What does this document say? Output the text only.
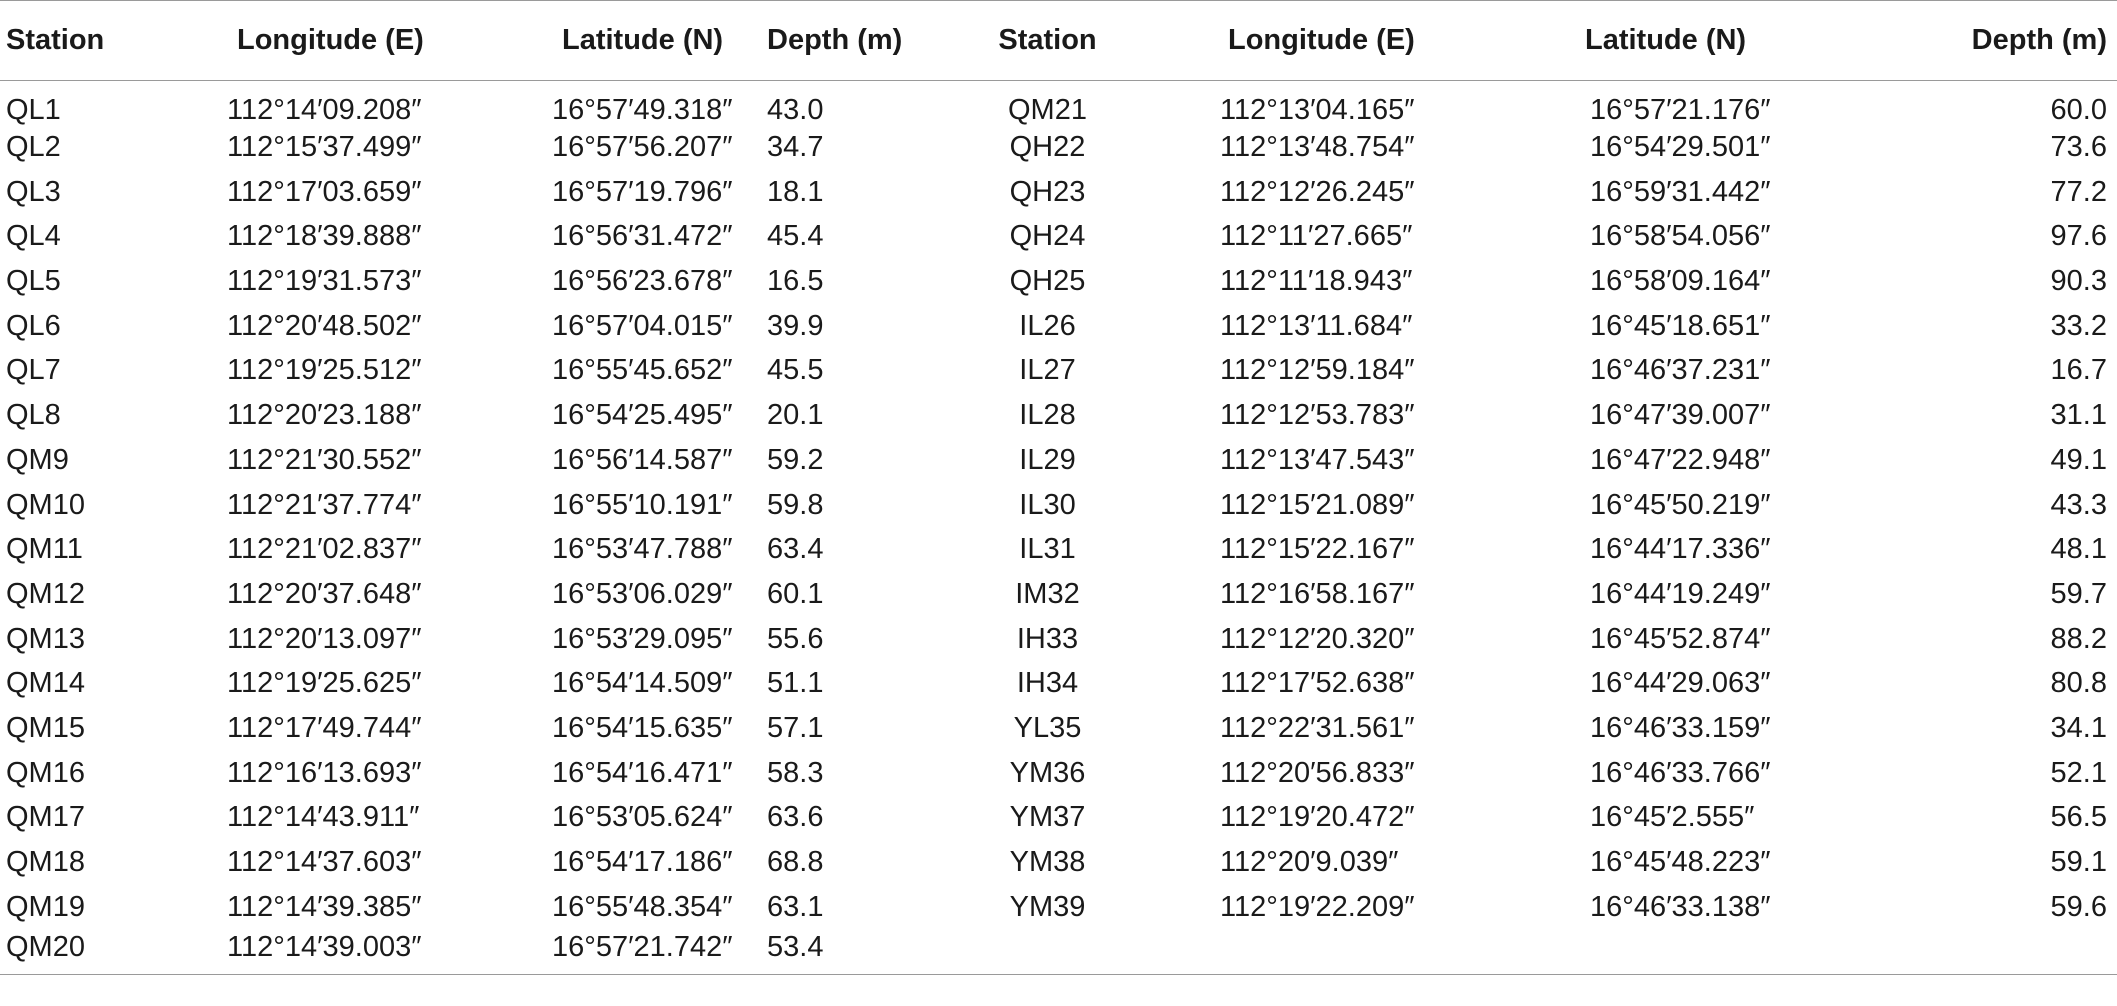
Station	Longitude (E)	Latitude (N)	Depth (m)	Station	Longitude (E)	Latitude (N)	Depth (m)
QL1	112°14′09.208″	16°57′49.318″	43.0	QM21	112°13′04.165″	16°57′21.176″	60.0
QL2	112°15′37.499″	16°57′56.207″	34.7	QH22	112°13′48.754″	16°54′29.501″	73.6
QL3	112°17′03.659″	16°57′19.796″	18.1	QH23	112°12′26.245″	16°59′31.442″	77.2
QL4	112°18′39.888″	16°56′31.472″	45.4	QH24	112°11′27.665″	16°58′54.056″	97.6
QL5	112°19′31.573″	16°56′23.678″	16.5	QH25	112°11′18.943″	16°58′09.164″	90.3
QL6	112°20′48.502″	16°57′04.015″	39.9	IL26	112°13′11.684″	16°45′18.651″	33.2
QL7	112°19′25.512″	16°55′45.652″	45.5	IL27	112°12′59.184″	16°46′37.231″	16.7
QL8	112°20′23.188″	16°54′25.495″	20.1	IL28	112°12′53.783″	16°47′39.007″	31.1
QM9	112°21′30.552″	16°56′14.587″	59.2	IL29	112°13′47.543″	16°47′22.948″	49.1
QM10	112°21′37.774″	16°55′10.191″	59.8	IL30	112°15′21.089″	16°45′50.219″	43.3
QM11	112°21′02.837″	16°53′47.788″	63.4	IL31	112°15′22.167″	16°44′17.336″	48.1
QM12	112°20′37.648″	16°53′06.029″	60.1	IM32	112°16′58.167″	16°44′19.249″	59.7
QM13	112°20′13.097″	16°53′29.095″	55.6	IH33	112°12′20.320″	16°45′52.874″	88.2
QM14	112°19′25.625″	16°54′14.509″	51.1	IH34	112°17′52.638″	16°44′29.063″	80.8
QM15	112°17′49.744″	16°54′15.635″	57.1	YL35	112°22′31.561″	16°46′33.159″	34.1
QM16	112°16′13.693″	16°54′16.471″	58.3	YM36	112°20′56.833″	16°46′33.766″	52.1
QM17	112°14′43.911″	16°53′05.624″	63.6	YM37	112°19′20.472″	16°45′2.555″	56.5
QM18	112°14′37.603″	16°54′17.186″	68.8	YM38	112°20′9.039″	16°45′48.223″	59.1
QM19	112°14′39.385″	16°55′48.354″	63.1	YM39	112°19′22.209″	16°46′33.138″	59.6
QM20	112°14′39.003″	16°57′21.742″	53.4				
